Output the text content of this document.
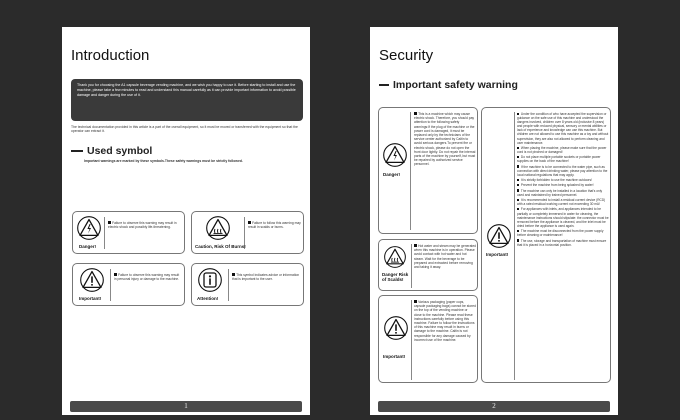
Introduction
Thank you for choosing the A1 capsule beverage vending machine, and we wish you happy to use it. Before starting to install and use the machine, please take a few minutes to read and understand this manual carefully as it can provide important information to avoid possible damage and danger during the use of it.
The technical documentation provided in this article is a part of the overall equipment, so it must be moved or transferred with the equipment so that the operator can extract it.
Used symbol
Important warnings are marked by these symbols.These safety warnings must be strictly followed.
Danger!
Failure to observe this warning may result in electric shock and possibly life-threatening.
Caution, Risk Of Burns!
Failure to follow this warning may result in scalds or burns.
Important!
Failure to observe this warning may result in personal injury or damage to the machine.
Attention!
This symbol indicates advice or information that is important to the user.
1
Security
Important safety warning
Danger!
This is a machine which may cause electric shock. Therefore, you should pay attention to the following safety warnings:If the plug of the machine or the power cord is damaged, it must be replaced only by the technicians of the service center authorized by Caltin to avoid serious dangers.To prevent fire or electric shock, please do not open the front door lightly. Do not repair the internal parts of the machine by yourself, but must be repaired by authorized service personnel.
Danger Risk of Scalds!
Hot water and steam may be generated when this machine is in operation. Please avoid contact with hot water and hot steam. Wait for the beverage to be prepared and extracted before removing and taking it away.
Important!
Various packaging (paper cups, capsule packaging bags) cannot be stored on the top of the vending machine or close to the machine. Please read these instructions carefully before using this machine. Failure to follow the instructions of this machine may result in burns or damage to the machine. Caltin is not responsible for any damage caused by incorrect use of the machine.
Important!

Under the condition of who have accepted the supervision or guidance on the safe use of this machine and understood the dangers involved, children over 8 years old (inclusive 8 years) and people with reduced physical, sensory or mental abilities or lack of experience and knowledge can use this machine. But children are not allowed to use this machine as a toy and without supervision, they are also not allowed to perform cleaning and user maintenance.

When placing the machine, please make sure that the power cord is not pinched or damaged!

Do not place multiple portable sockets or portable power supplies on the back of the machine!

If the machine is to be connected to the water pipe, such as connection with direct drinking water, please pay attention to the local national regulations that may apply.

It is strictly forbidden to use the machine outdoors!

Prevent the machine from being splashed by water!

The machine can only be installed in a location that's only used and maintained by trained personnel.

It is recommended to install a residual current device (RCD) with a rated residual working current not exceeding 30 mA!

For appliances with inlets, and appliances intended to be partially or completely immersed in water for cleaning, the maintenance instructions should stipulate: the connector must be removed before the appliance is cleaned, and the inlet must be dried before the appliance is used again.

The machine must be disconnected from the power supply before cleaning or maintenance!

The use, storage and transportation of machine must ensure that it is placed in a horizontal position.

2
